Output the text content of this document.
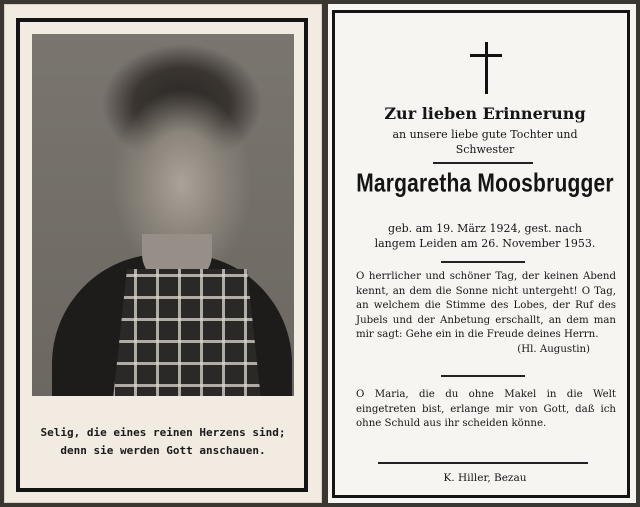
Selig, die eines reinen Herzens sind;
denn sie werden Gott anschauen.
Zur lieben Erinnerung
an unsere liebe gute Tochter und
Schwester
Margaretha Moosbrugger
geb. am 19. März 1924, gest. nach
langem Leiden am 26. November 1953.
O herrlicher und schöner Tag, der keinen Abend kennt, an dem die Sonne nicht untergeht! O Tag, an welchem die Stimme des Lobes, der Ruf des Jubels und der Anbetung erschallt, an dem man mir sagt: Gehe ein in die Freude deines Herrn.
(Hl. Augustin)
O Maria, die du ohne Makel in die Welt eingetreten bist, erlange mir von Gott, daß ich ohne Schuld aus ihr scheiden könne.
K. Hiller, Bezau
